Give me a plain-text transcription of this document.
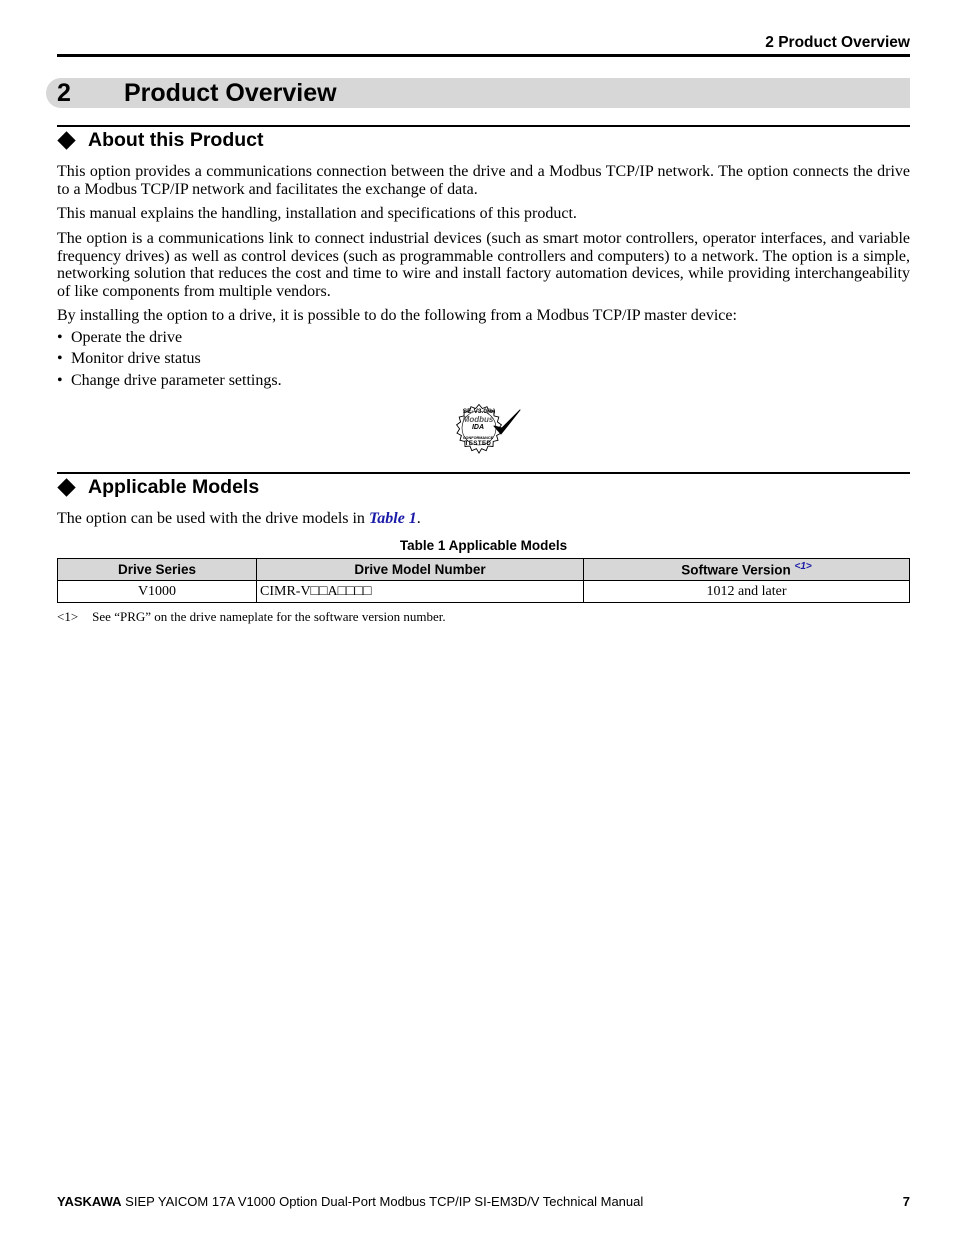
2 Product Overview
2 Product Overview
About this Product
This option provides a communications connection between the drive and a Modbus TCP/IP network. The option connects the drive to a Modbus TCP/IP network and facilitates the exchange of data.
This manual explains the handling, installation and specifications of this product.
The option is a communications link to connect industrial devices (such as smart motor controllers, operator interfaces, and variable frequency drives) as well as control devices (such as programmable controllers and computers) to a network. The option is a simple, networking solution that reduces the cost and time to wire and install factory automation devices, while providing interchangeability of like components from multiple vendors.
By installing the option to a drive, it is possible to do the following from a Modbus TCP/IP master device:
• Operate the drive
• Monitor drive status
• Change drive parameter settings.
SE-V3.0(b)
Modbus
IDA
CONFORMANCE
TESTED
Applicable Models
The option can be used with the drive models in Table 1.
Table 1 Applicable Models
Drive Series	Drive Model Number	Software Version $^{<1>}$
V1000	CIMR-V□□A□□□□	1012 and later
<1> See “PRG” on the drive nameplate for the software version number.
YASKAWA SIEP YAICOM 17A V1000 Option Dual-Port Modbus TCP/IP SI-EM3D/V Technical Manual	7
